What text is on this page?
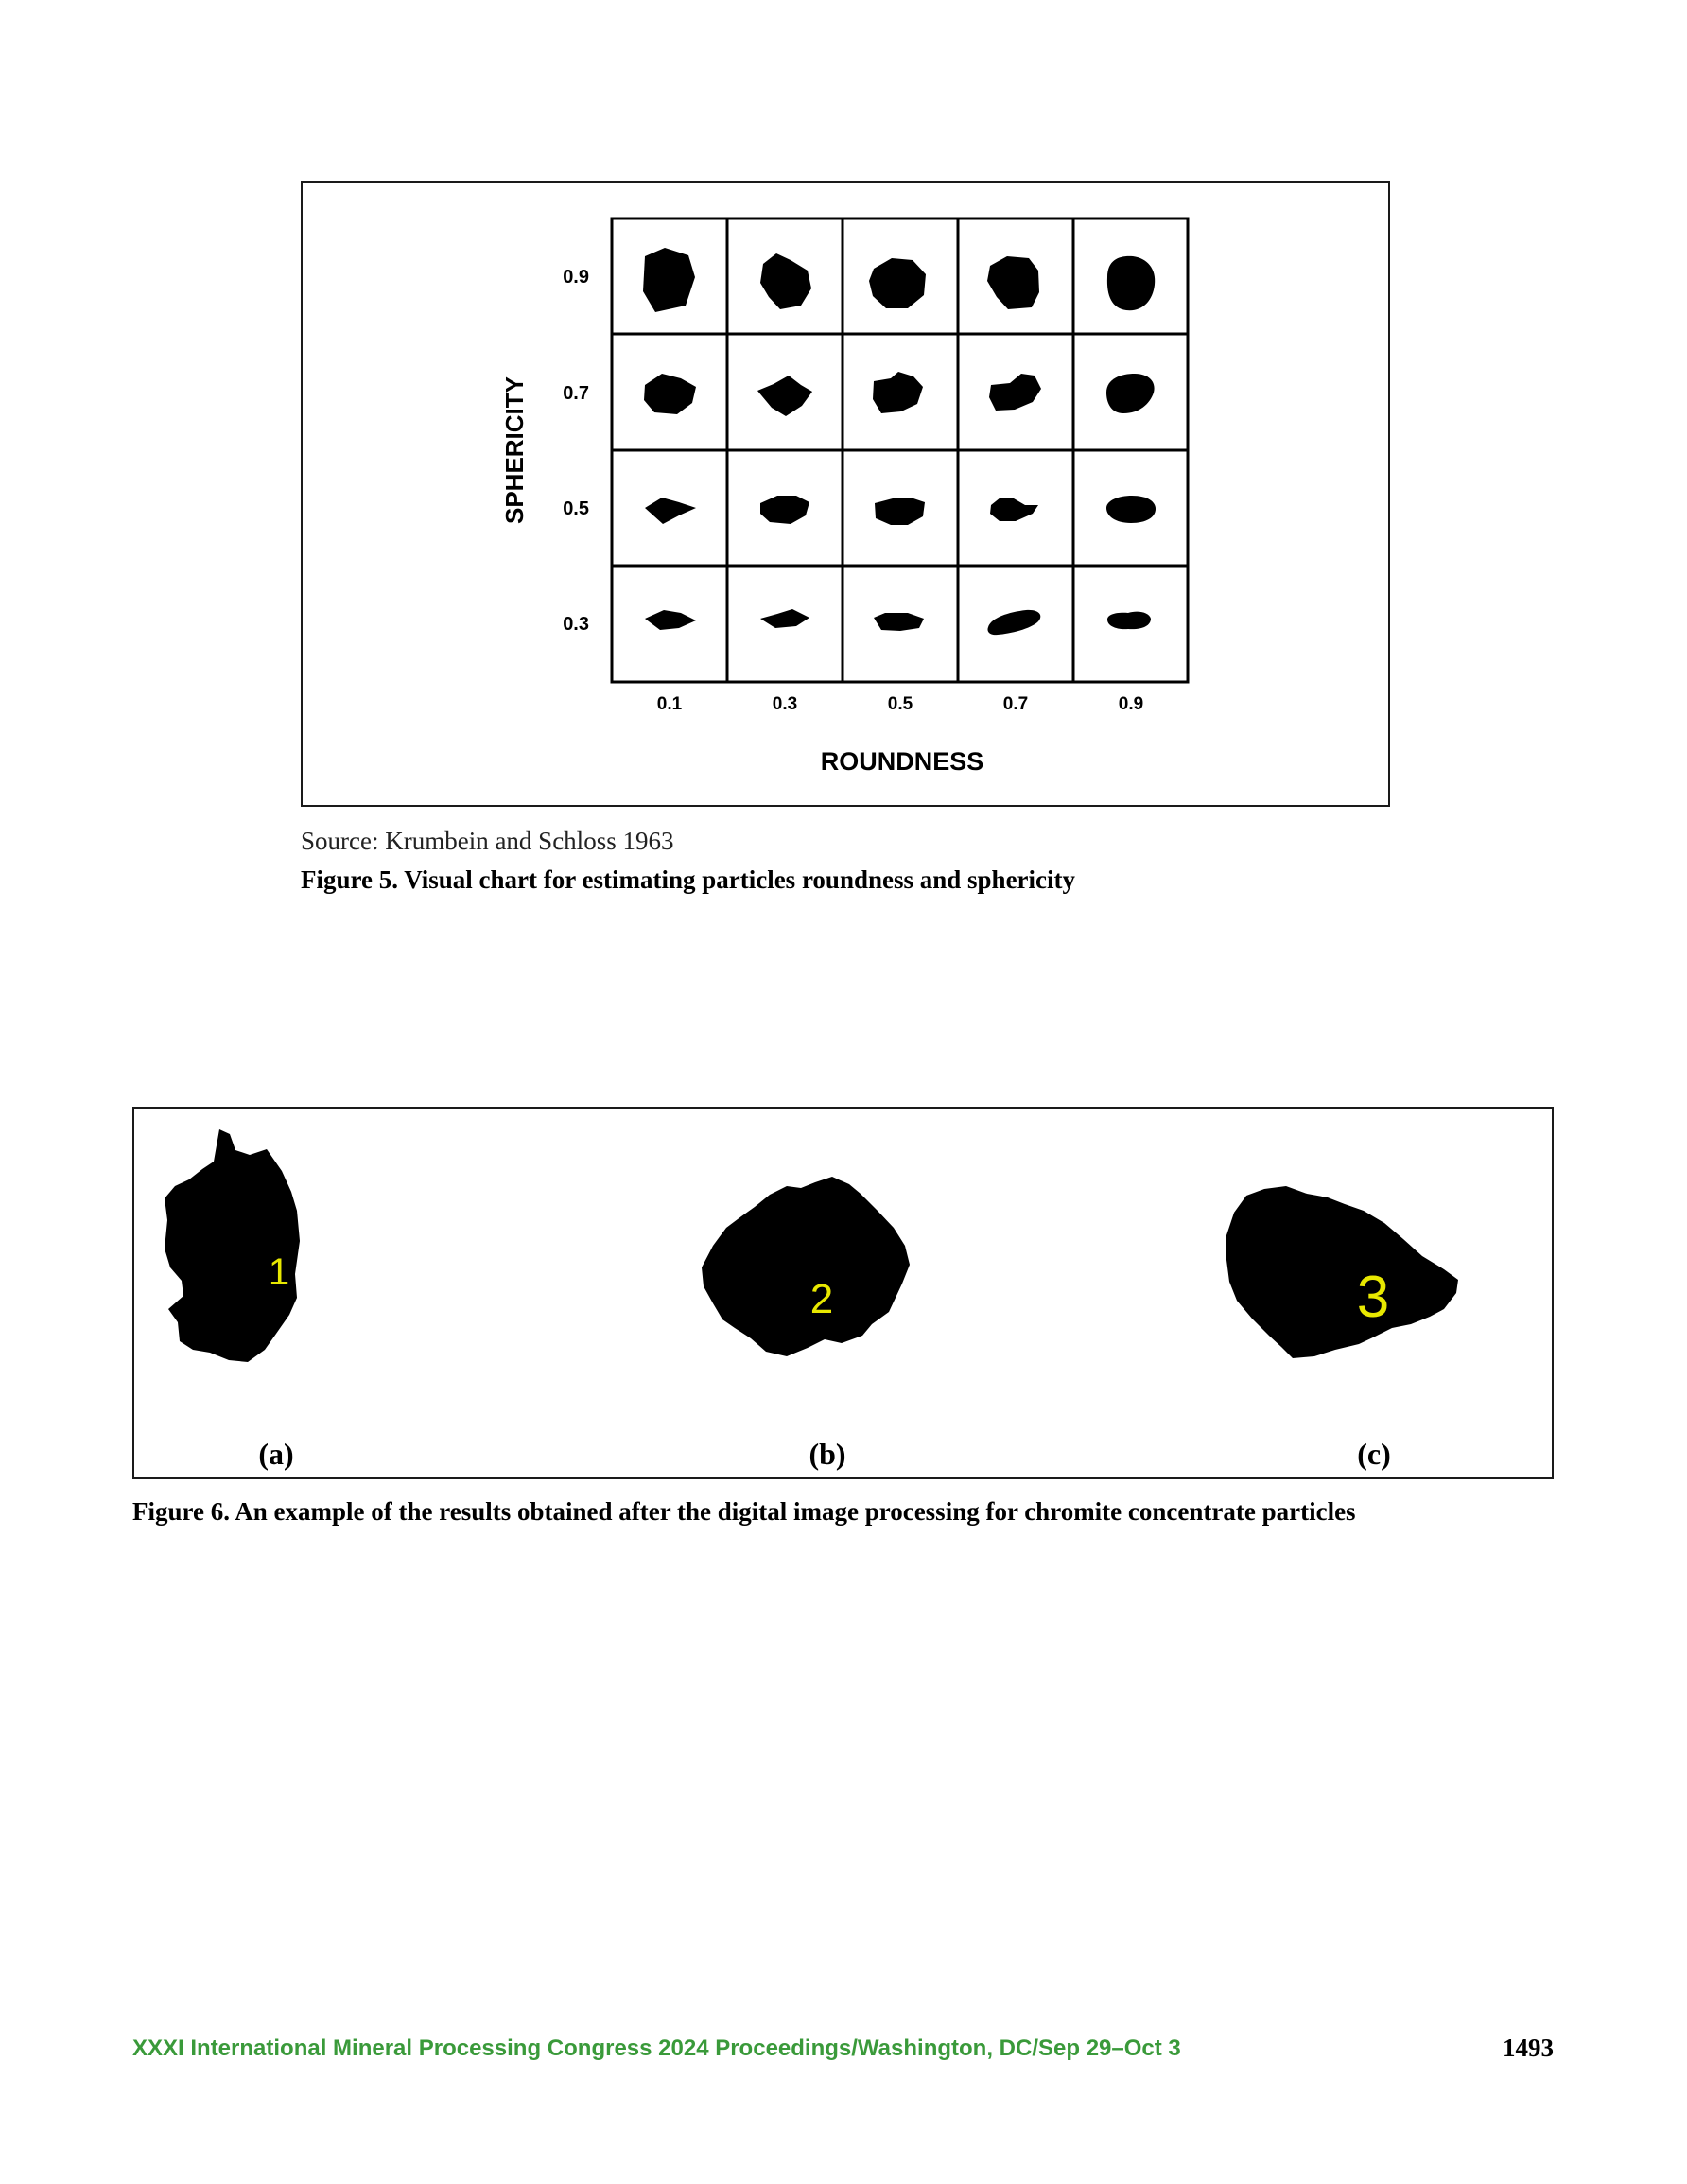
0.9
0.7
0.5
0.3
0.1	0.3	0.5	0.7	0.9
ROUNDNESS
SPHERICITY
Source: Krumbein and Schloss 1963
Figure 5. Visual chart for estimating particles roundness and sphericity
1
(a)
2
(b)
3
(c)
Figure 6. An example of the results obtained after the digital image processing for chromite concentrate particles
XXXI International Mineral Processing Congress 2024 Proceedings/Washington, DC/Sep 29–Oct 3	1493
